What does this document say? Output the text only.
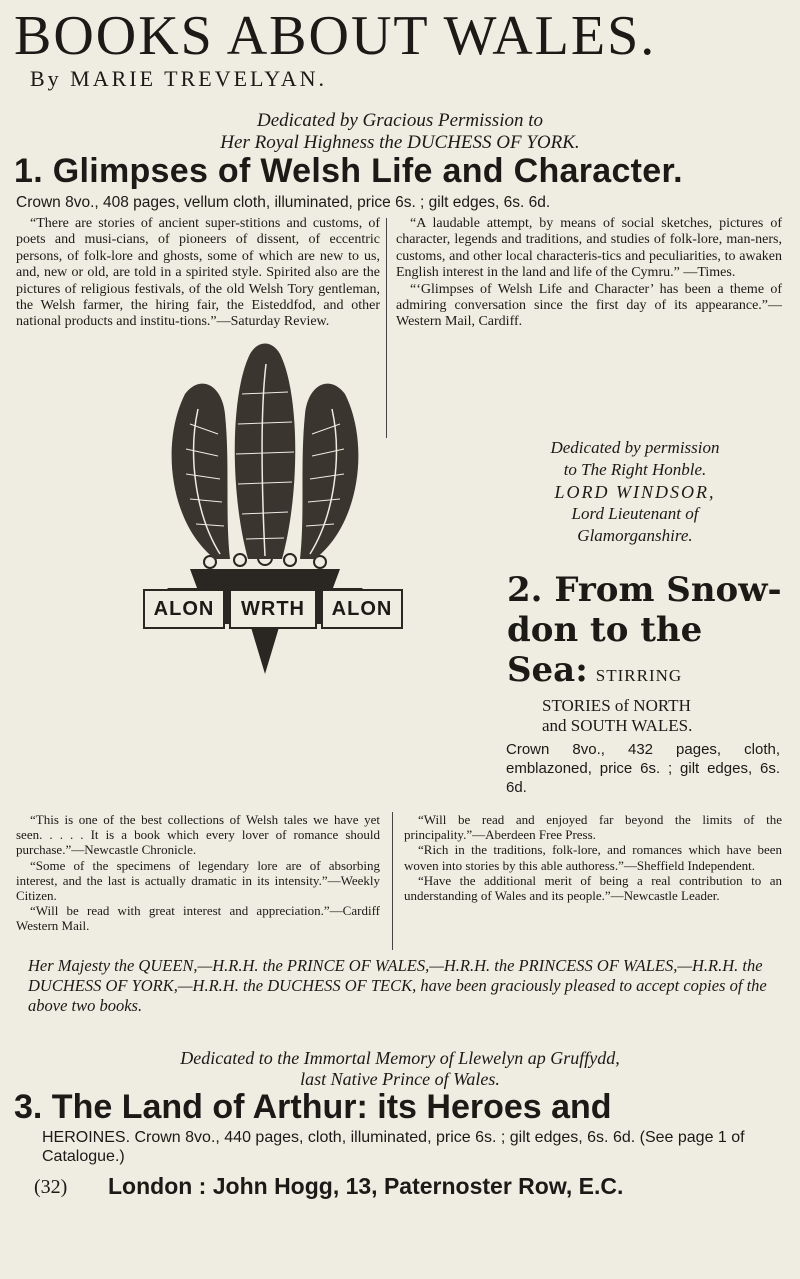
BOOKS ABOUT WALES.
By MARIE TREVELYAN.
Dedicated by Gracious Permission to
Her Royal Highness the DUCHESS OF YORK.
1. Glimpses of Welsh Life and Character.
Crown 8vo., 408 pages, vellum cloth, illuminated, price 6s. ; gilt edges, 6s. 6d.

“There are stories of ancient super-stitions and customs, of poets and musi-cians, of pioneers of dissent, of eccentric persons, of folk-lore and ghosts, some of which are new to us, and, new or old, are told in a spirited style. Spirited also are the pictures of religious festivals, of the old Welsh Tory gentleman, the Welsh farmer, the hiring fair, the Eisteddfod, and other national products and institu-tions.”—Saturday Review.

“A laudable attempt, by means of social sketches, pictures of character, legends and traditions, and studies of folk-lore, man-ners, customs, and other local characteris-tics and peculiarities, to awaken English interest in the land and life of the Cymru.” —Times.

“‘Glimpses of Welsh Life and Character’ has been a theme of admiring conversation since the first day of its appearance.”—Western Mail, Cardiff.

ALON	WRTH	ALON
Dedicated by permission
to The Right Honble.
LORD WINDSOR,
Lord Lieutenant of
Glamorganshire.
2. From Snow-
don to the
Sea: STIRRING
STORIES of NORTH
and SOUTH WALES.
Crown 8vo., 432 pages, cloth, emblazoned, price 6s. ; gilt edges, 6s. 6d.

“This is one of the best collections of Welsh tales we have yet seen. . . . . It is a book which every lover of romance should purchase.”—Newcastle Chronicle.

“Some of the specimens of legendary lore are of absorbing interest, and the last is actually dramatic in its intensity.”—Weekly Citizen.

“Will be read with great interest and appreciation.”—Cardiff Western Mail.

“Will be read and enjoyed far beyond the limits of the principality.”—Aberdeen Free Press.

“Rich in the traditions, folk-lore, and romances which have been woven into stories by this able authoress.”—Sheffield Independent.

“Have the additional merit of being a real contribution to an understanding of Wales and its people.”—Newcastle Leader.

Her Majesty the QUEEN,—H.R.H. the PRINCE OF WALES,—H.R.H. the PRINCESS OF WALES,—H.R.H. the DUCHESS OF YORK,—H.R.H. the DUCHESS OF TECK, have been graciously pleased to accept copies of the above two books.
Dedicated to the Immortal Memory of Llewelyn ap Gruffydd,
last Native Prince of Wales.
3. The Land of Arthur: its Heroes and
HEROINES. Crown 8vo., 440 pages, cloth, illuminated, price 6s. ; gilt edges, 6s. 6d. (See page 1 of Catalogue.)
(32) London : John Hogg, 13, Paternoster Row, E.C.
